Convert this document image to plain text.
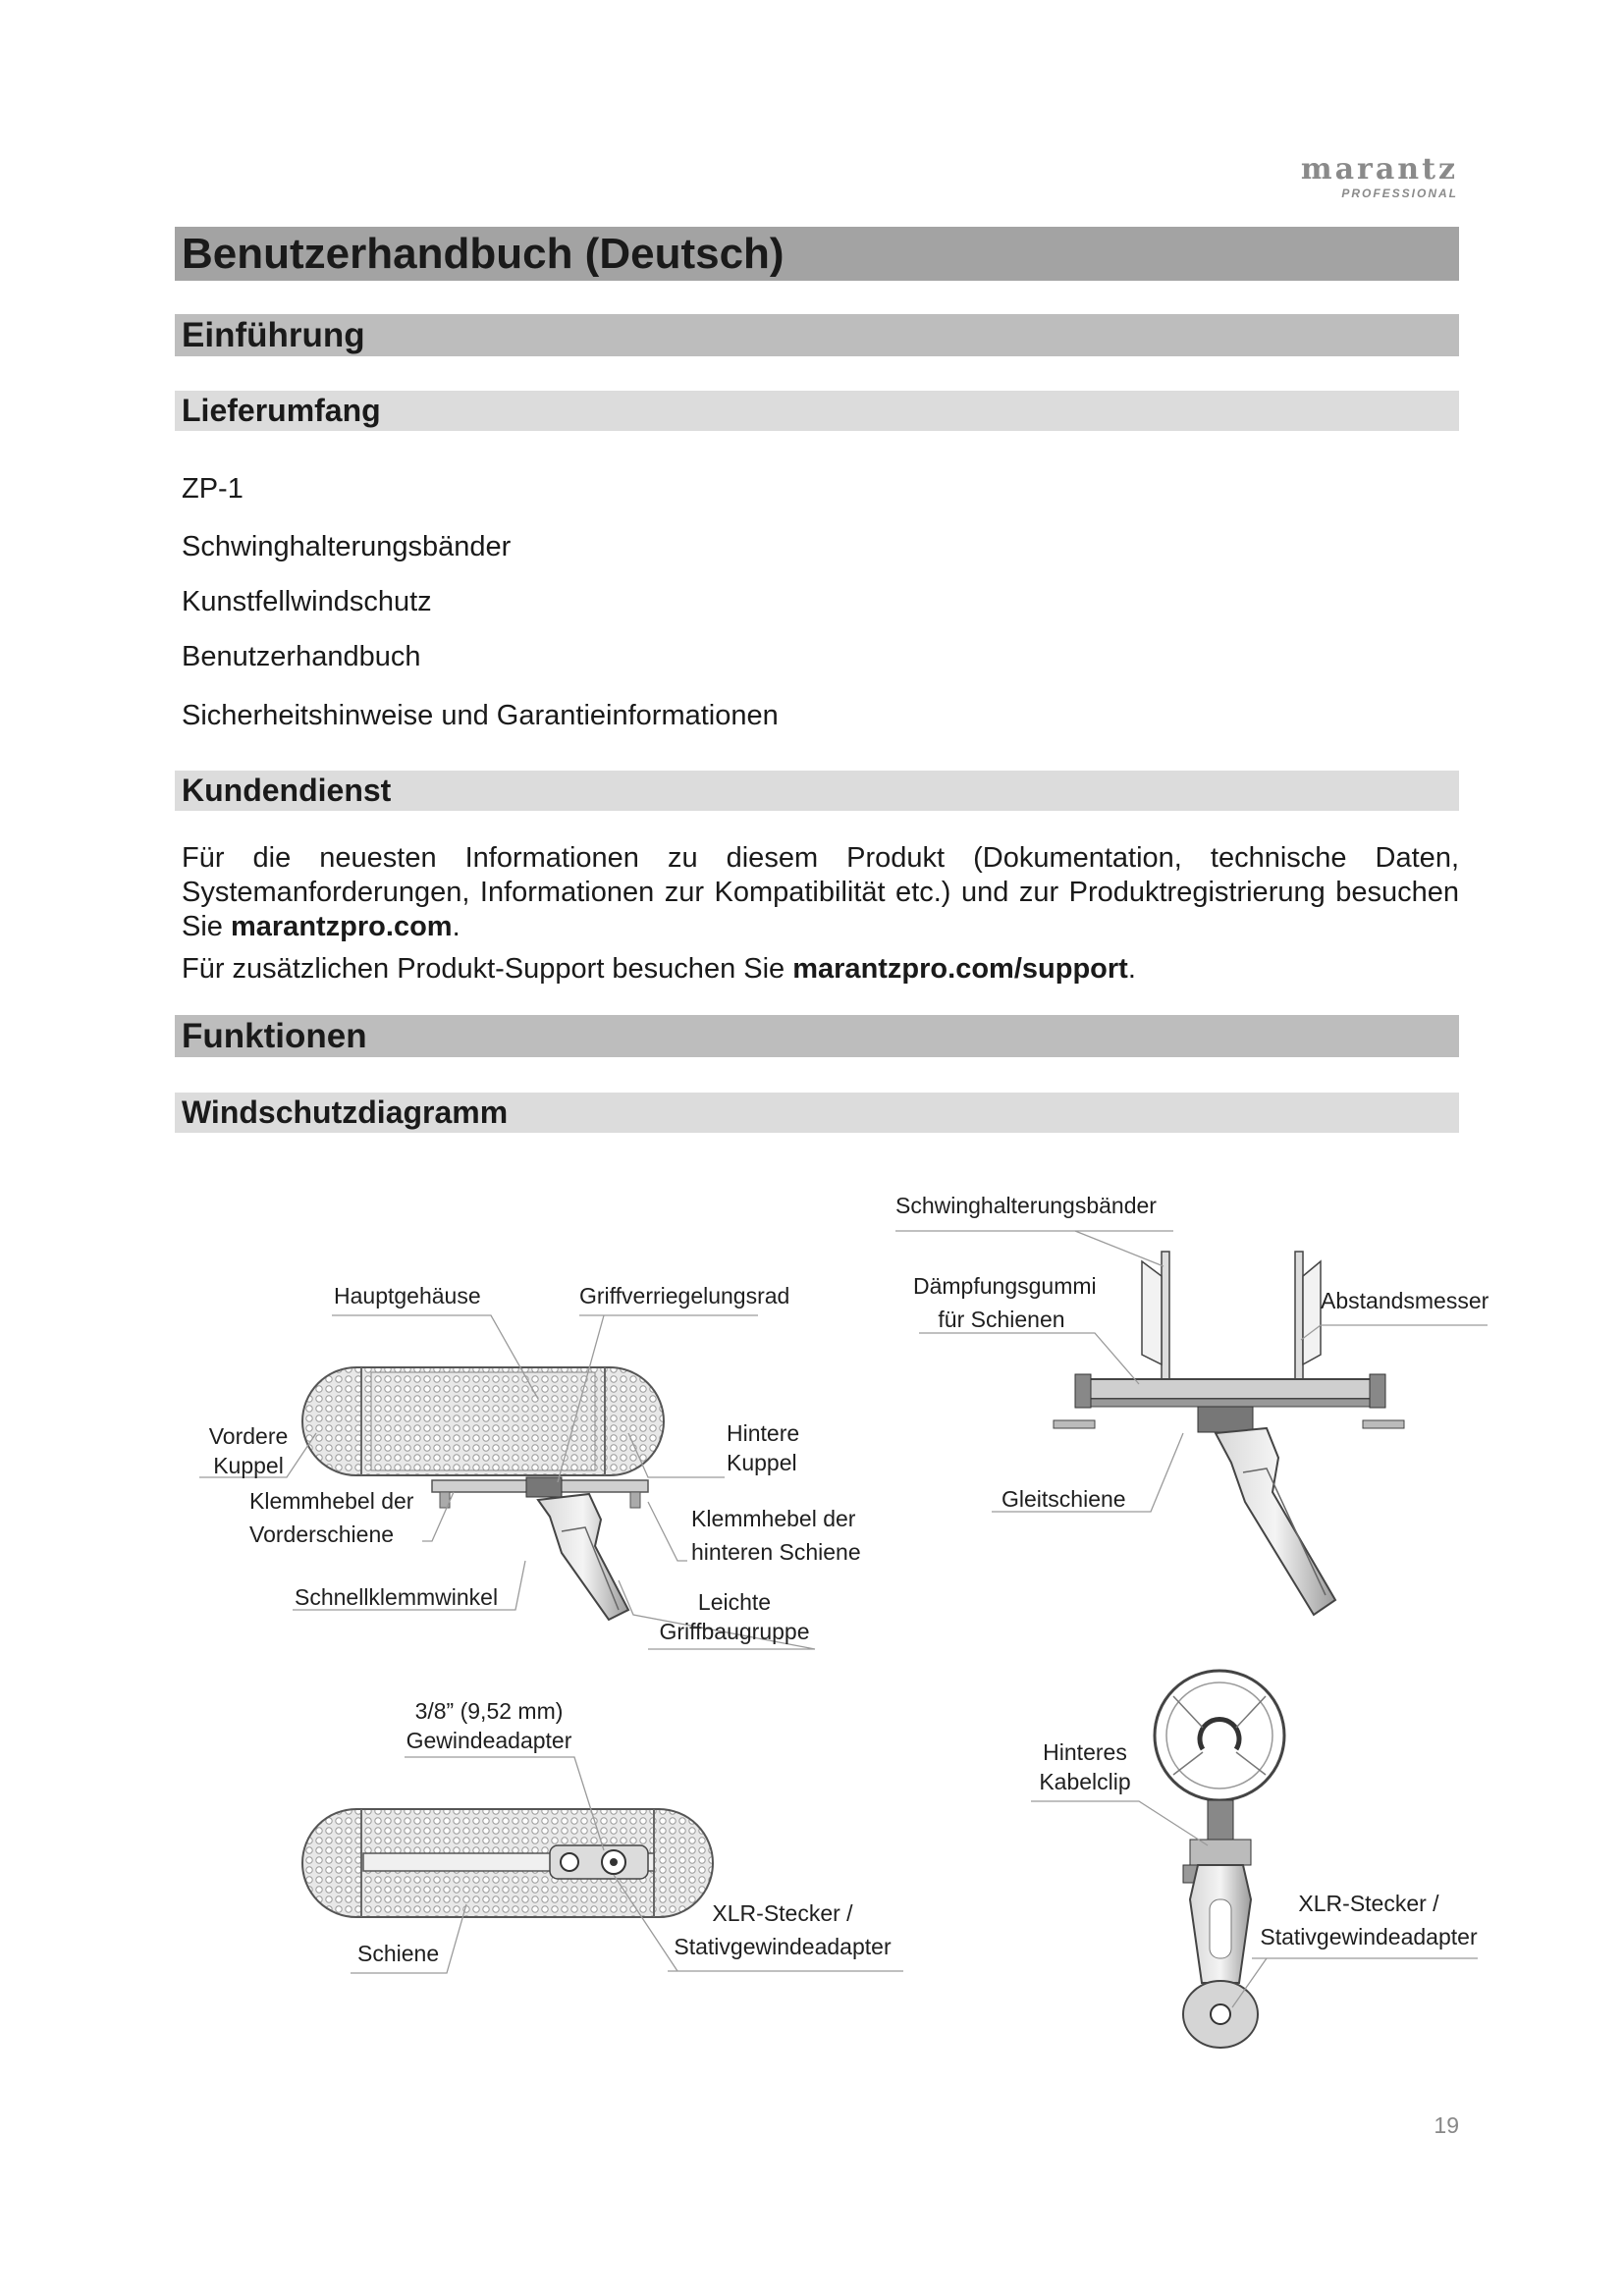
marantz
PROFESSIONAL
Benutzerhandbuch (Deutsch)
Einführung
Lieferumfang
ZP-1
Schwinghalterungsbänder
Kunstfellwindschutz
Benutzerhandbuch
Sicherheitshinweise und Garantieinformationen
Kundendienst
Für die neuesten Informationen zu diesem Produkt (Dokumentation, technische Daten, Systemanforderungen, Informationen zur Kompatibilität etc.) und zur Produktregistrierung besuchen Sie marantzpro.com.
Für zusätzlichen Produkt-Support besuchen Sie marantzpro.com/support.
Funktionen
Windschutzdiagramm
Hauptgehäuse	Griffverriegelungsrad
Vordere
Kuppel
Hintere
Kuppel
Klemmhebel der
Vorderschiene
Klemmhebel der
hinteren Schiene
Schnellklemmwinkel	Leichte
Griffbaugruppe
Schwinghalterungsbänder
Dämpfungsgummi
für Schienen
Abstandsmesser
Gleitschiene
3/8” (9,52 mm)
Gewindeadapter
Schiene
XLR-Stecker /
Stativgewindeadapter
Hinteres
Kabelclip
XLR-Stecker /
Stativgewindeadapter
19
